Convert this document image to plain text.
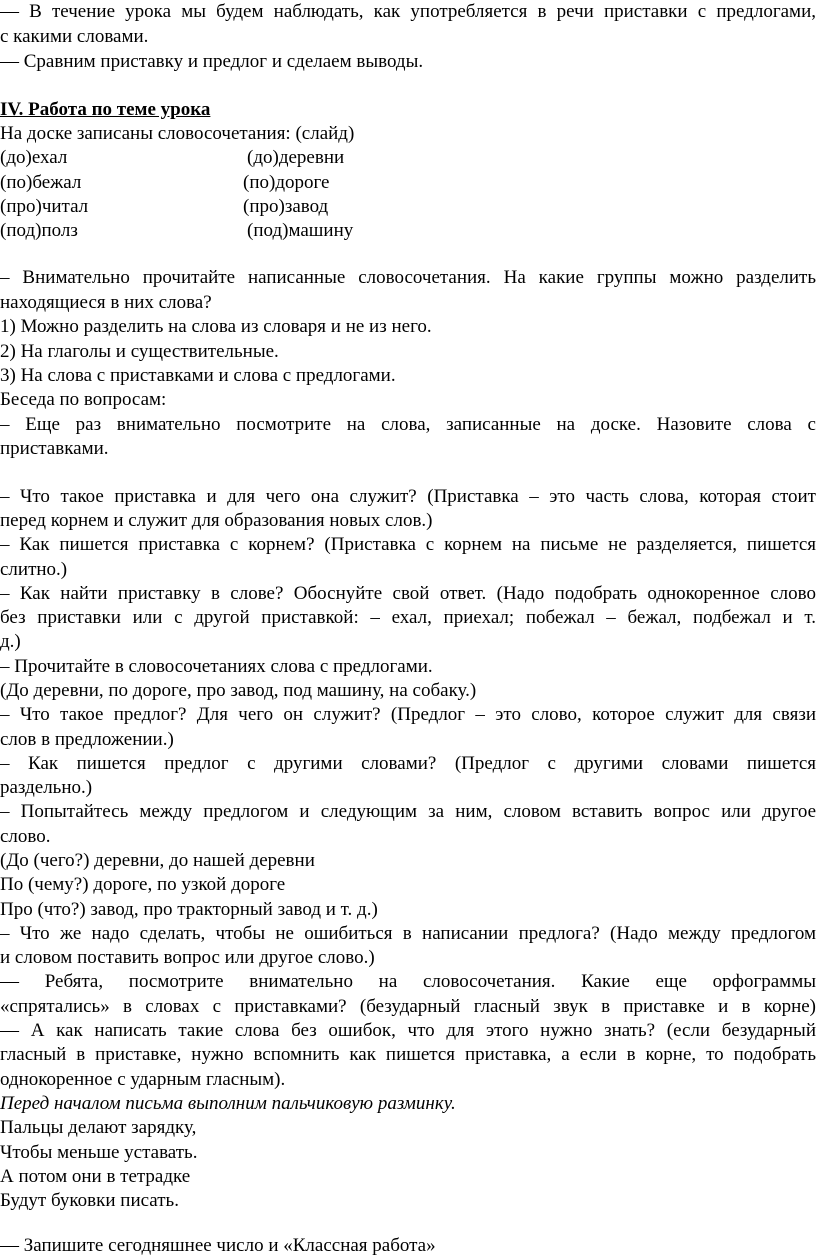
— В течение урока мы будем наблюдать, как употребляется в речи приставки с предлогами,
с какими словами.
— Сравним приставку и предлог и сделаем выводы.
IV. Работа по теме урока
На доске записаны словосочетания: (слайд)
(до)ехал	(до)деревни
(по)бежал	(по)дороге
(про)читал	(про)завод
(под)полз	(под)машину
– Внимательно прочитайте написанные словосочетания. На какие группы можно разделить
находящиеся в них слова?
1) Можно разделить на слова из словаря и не из него.
2) На глаголы и существительные.
3) На слова с приставками и слова с предлогами.
Беседа по вопросам:
– Еще раз внимательно посмотрите на слова, записанные на доске. Назовите слова с
приставками.
– Что такое приставка и для чего она служит? (Приставка – это часть слова, которая стоит
перед корнем и служит для образования новых слов.)
– Как пишется приставка с корнем? (Приставка с корнем на письме не разделяется, пишется
слитно.)
– Как найти приставку в слове? Обоснуйте свой ответ. (Надо подобрать однокоренное слово
без приставки или с другой приставкой: – ехал, приехал; побежал – бежал, подбежал и т.
д.)
– Прочитайте в словосочетаниях слова с предлогами.
(До деревни, по дороге, про завод, под машину, на собаку.)
– Что такое предлог? Для чего он служит? (Предлог – это слово, которое служит для связи
слов в предложении.)
– Как пишется предлог с другими словами? (Предлог с другими словами пишется
раздельно.)
– Попытайтесь между предлогом и следующим за ним, словом вставить вопрос или другое
слово.
(До (чего?) деревни, до нашей деревни
По (чему?) дороге, по узкой дороге
Про (что?) завод, про тракторный завод и т. д.)
– Что же надо сделать, чтобы не ошибиться в написании предлога? (Надо между предлогом
и словом поставить вопрос или другое слово.)
— Ребята, посмотрите внимательно на словосочетания. Какие еще орфограммы
«спрятались» в словах с приставками? (безударный гласный звук в приставке и в корне)
— А как написать такие слова без ошибок, что для этого нужно знать? (если безударный
гласный в приставке, нужно вспомнить как пишется приставка, а если в корне, то подобрать
однокоренное с ударным гласным).
Перед началом письма выполним пальчиковую разминку.
Пальцы делают зарядку,
Чтобы меньше уставать.
А потом они в тетрадке
Будут буковки писать.
— Запишите сегодняшнее число и «Классная работа»
